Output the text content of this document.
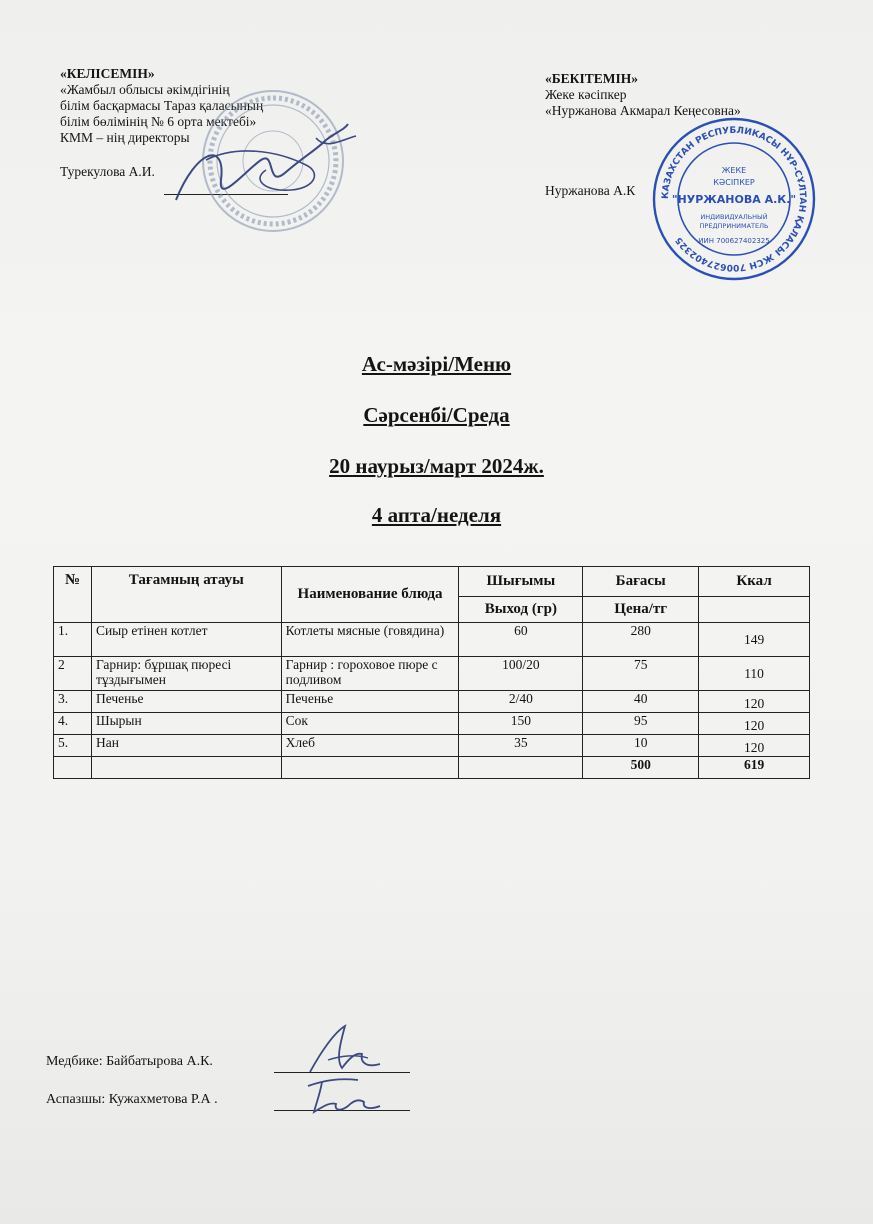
«КЕЛІСЕМІН»
«Жамбыл облысы әкімдігінің
білім басқармасы Тараз қаласының
білім бөлімінің № 6 орта мектебі»
КММ – нің директоры
Турекулова А.И.
«БЕКІТЕМІН»
Жеке кәсіпкер
«Нуржанова Акмарал Кеңесовна»
Нуржанова А.К	КАЗАХСТАН РЕСПУБЛИКАСЫ НҰР-СҰЛТАН ҚАЛАСЫ ЖСН 700627402325
ЖЕКЕ
КӘСІПКЕР
"НУРЖАНОВА А.К."
ИНДИВИДУАЛЬНЫЙ
ПРЕДПРИНИМАТЕЛЬ
ИИН 700627402325
Ас-мәзірі/Меню
Сәрсенбі/Среда
20 наурыз/март 2024ж.
4 апта/неделя
№	Тағамның атауы	Наименование блюда	Шығымы	Бағасы	Ккал
			Выход (гр)	Цена/тг	
1.	Сиыр етінен котлет	Котлеты мясные (говядина)	60	280	149
2	Гарнир: бұршақ пюресі тұздығымен	Гарнир : гороховое пюре с подливом	100/20	75	110
3.	Печенье	Печенье	2/40	40	120
4.	Шырын	Сок	150	95	120
5.	Нан	Хлеб	35	10	120
				500	619
Медбике: Байбатырова А.К.
Аспазшы: Кужахметова Р.А .
